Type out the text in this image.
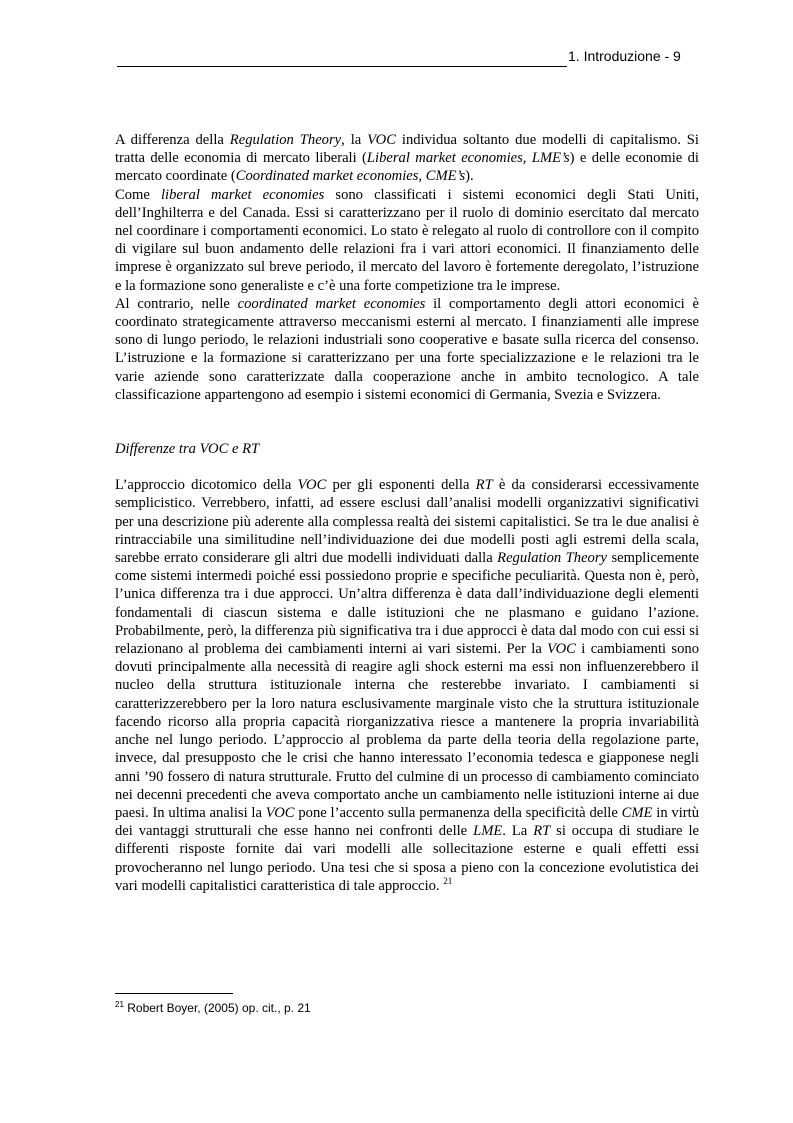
1. Introduzione - 9

A differenza della Regulation Theory, la VOC individua soltanto due modelli di capitalismo. Si tratta delle economia di mercato liberali (Liberal market economies, LME’s) e delle economie di mercato coordinate (Coordinated market economies, CME’s).

Come liberal market economies sono classificati i sistemi economici degli Stati Uniti, dell’Inghilterra e del Canada. Essi si caratterizzano per il ruolo di dominio esercitato dal mercato nel coordinare i comportamenti economici. Lo stato è relegato al ruolo di controllore con il compito di vigilare sul buon andamento delle relazioni fra i vari attori economici. Il finanziamento delle imprese è organizzato sul breve periodo, il mercato del lavoro è fortemente deregolato, l’istruzione e la formazione sono generaliste e c’è una forte competizione tra le imprese.

Al contrario, nelle coordinated market economies il comportamento degli attori economici è coordinato strategicamente attraverso meccanismi esterni al mercato. I finanziamenti alle imprese sono di lungo periodo, le relazioni industriali sono cooperative e basate sulla ricerca del consenso. L’istruzione e la formazione si caratterizzano per una forte specializzazione e le relazioni tra le varie aziende sono caratterizzate dalla cooperazione anche in ambito tecnologico. A tale classificazione appartengono ad esempio i sistemi economici di Germania, Svezia e Svizzera.

Differenze tra VOC e RT

L’approccio dicotomico della VOC per gli esponenti della RT è da considerarsi eccessivamente semplicistico. Verrebbero, infatti, ad essere esclusi dall’analisi modelli organizzativi significativi per una descrizione più aderente alla complessa realtà dei sistemi capitalistici. Se tra le due analisi è rintracciabile una similitudine nell’individuazione dei due modelli posti agli estremi della scala, sarebbe errato considerare gli altri due modelli individuati dalla Regulation Theory semplicemente come sistemi intermedi poiché essi possiedono proprie e specifiche peculiarità. Questa non è, però, l’unica differenza tra i due approcci. Un’altra differenza è data dall’individuazione degli elementi fondamentali di ciascun sistema e dalle istituzioni che ne plasmano e guidano l’azione. Probabilmente, però, la differenza più significativa tra i due approcci è data dal modo con cui essi si relazionano al problema dei cambiamenti interni ai vari sistemi. Per la VOC i cambiamenti sono dovuti principalmente alla necessità di reagire agli shock esterni ma essi non influenzerebbero il nucleo della struttura istituzionale interna che resterebbe invariato. I cambiamenti si caratterizzerebbero per la loro natura esclusivamente marginale visto che la struttura istituzionale facendo ricorso alla propria capacità riorganizzativa riesce a mantenere la propria invariabilità anche nel lungo periodo. L’approccio al problema da parte della teoria della regolazione parte, invece, dal presupposto che le crisi che hanno interessato l’economia tedesca e giapponese negli anni ’90 fossero di natura strutturale. Frutto del culmine di un processo di cambiamento cominciato nei decenni precedenti che aveva comportato anche un cambiamento nelle istituzioni interne ai due paesi. In ultima analisi la VOC pone l’accento sulla permanenza della specificità delle CME in virtù dei vantaggi strutturali che esse hanno nei confronti delle LME. La RT si occupa di studiare le differenti risposte fornite dai vari modelli alle sollecitazione esterne e quali effetti essi provocheranno nel lungo periodo. Una tesi che si sposa a pieno con la concezione evolutistica dei vari modelli capitalistici caratteristica di tale approccio. $^{21}$

$^{21}$ Robert Boyer, (2005) op. cit., p. 21
